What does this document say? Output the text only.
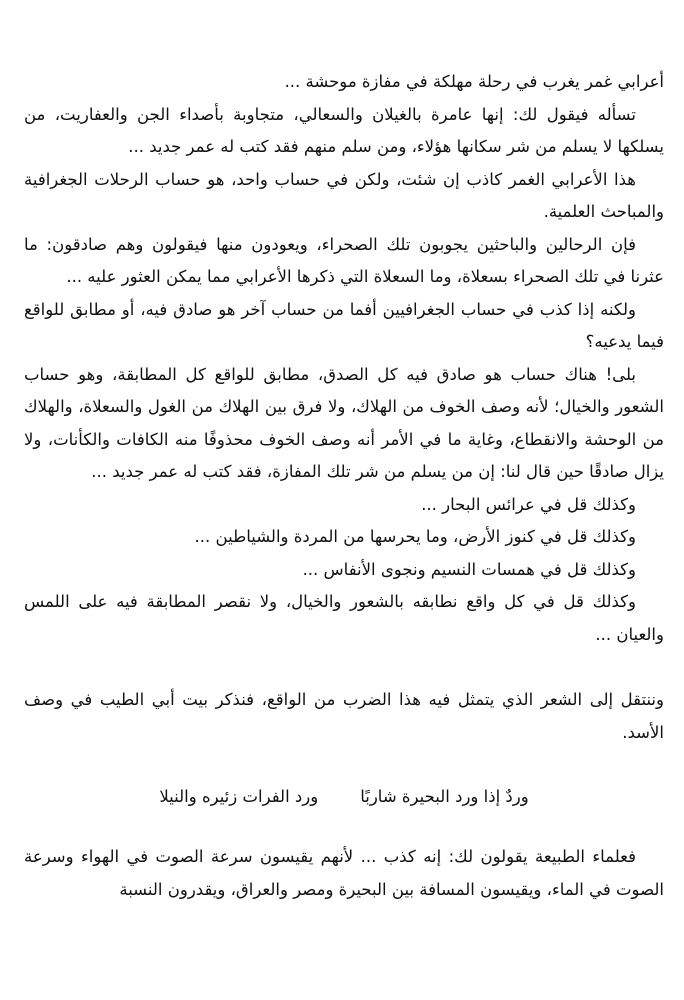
أعرابي غمر يغرب في رحلة مهلكة في مفازة موحشة ...

تسأله فيقول لك: إنها عامرة بالغيلان والسعالي، متجاوبة بأصداء الجن والعفاريت، من يسلكها لا يسلم من شر سكانها هؤلاء، ومن سلم منهم فقد كتب له عمر جديد ...

هذا الأعرابي الغمر كاذب إن شئت، ولكن في حساب واحد، هو حساب الرحلات الجغرافية والمباحث العلمية.

فإن الرحالين والباحثين يجوبون تلك الصحراء، ويعودون منها فيقولون وهم صادقون: ما عثرنا في تلك الصحراء بسعلاة، وما السعلاة التي ذكرها الأعرابي مما يمكن العثور عليه ...

ولكنه إذا كذب في حساب الجغرافيين أفما من حساب آخر هو صادق فيه، أو مطابق للواقع فيما يدعيه؟

بلى! هناك حساب هو صادق فيه كل الصدق، مطابق للواقع كل المطابقة، وهو حساب الشعور والخيال؛ لأنه وصف الخوف من الهلاك، ولا فرق بين الهلاك من الغول والسعلاة، والهلاك من الوحشة والانقطاع، وغاية ما في الأمر أنه وصف الخوف محذوفًا منه الكافات والكأنات، ولا يزال صادقًا حين قال لنا: إن من يسلم من شر تلك المفازة، فقد كتب له عمر جديد ...

وكذلك قل في عرائس البحار ...

وكذلك قل في كنوز الأرض، وما يحرسها من المردة والشياطين ...

وكذلك قل في همسات النسيم ونجوى الأنفاس ...

وكذلك قل في كل واقع نطابقه بالشعور والخيال، ولا نقصر المطابقة فيه على اللمس والعيان ...

وننتقل إلى الشعر الذي يتمثل فيه هذا الضرب من الواقع، فنذكر بيت أبي الطيب في وصف الأسد.

وردٌ إذا ورد البحيرة شاربًا
ورد الفرات زئيره والنيلا

فعلماء الطبيعة يقولون لك: إنه كذب ... لأنهم يقيسون سرعة الصوت في الهواء وسرعة الصوت في الماء، ويقيسون المسافة بين البحيرة ومصر والعراق، ويقدرون النسبة
